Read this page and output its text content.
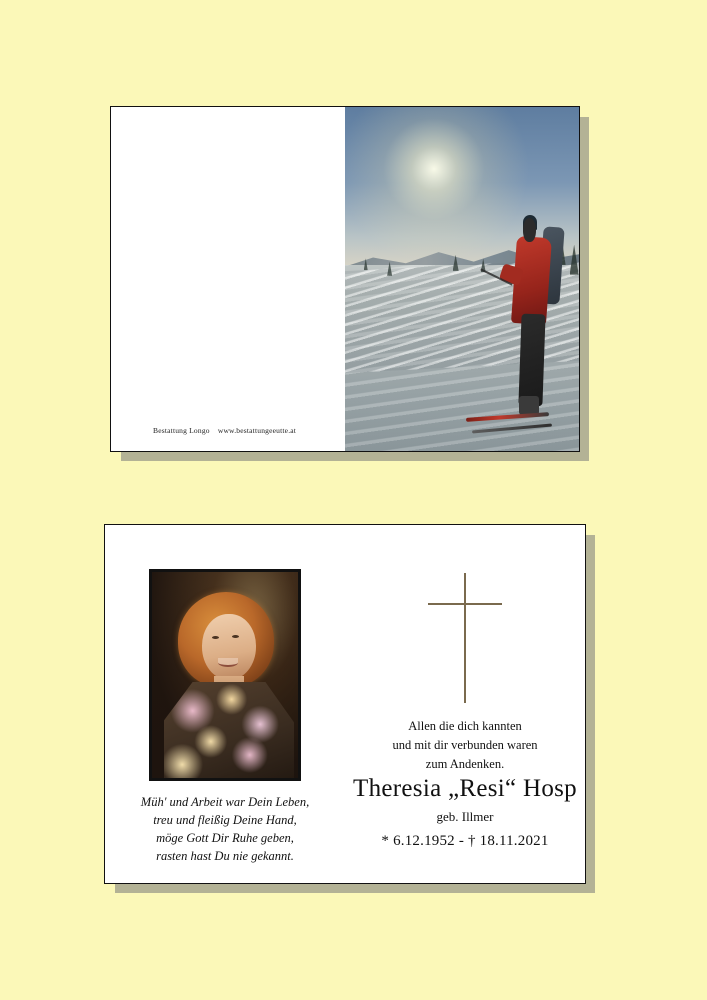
Bestattung Longo www.bestattungeeutte.at
Müh' und Arbeit war Dein Leben,
treu und fleißig Deine Hand,
möge Gott Dir Ruhe geben,
rasten hast Du nie gekannt.
Allen die dich kannten
und mit dir verbunden waren
zum Andenken.
Theresia „Resi“ Hosp
geb. Illmer
* 6.12.1952 - † 18.11.2021
